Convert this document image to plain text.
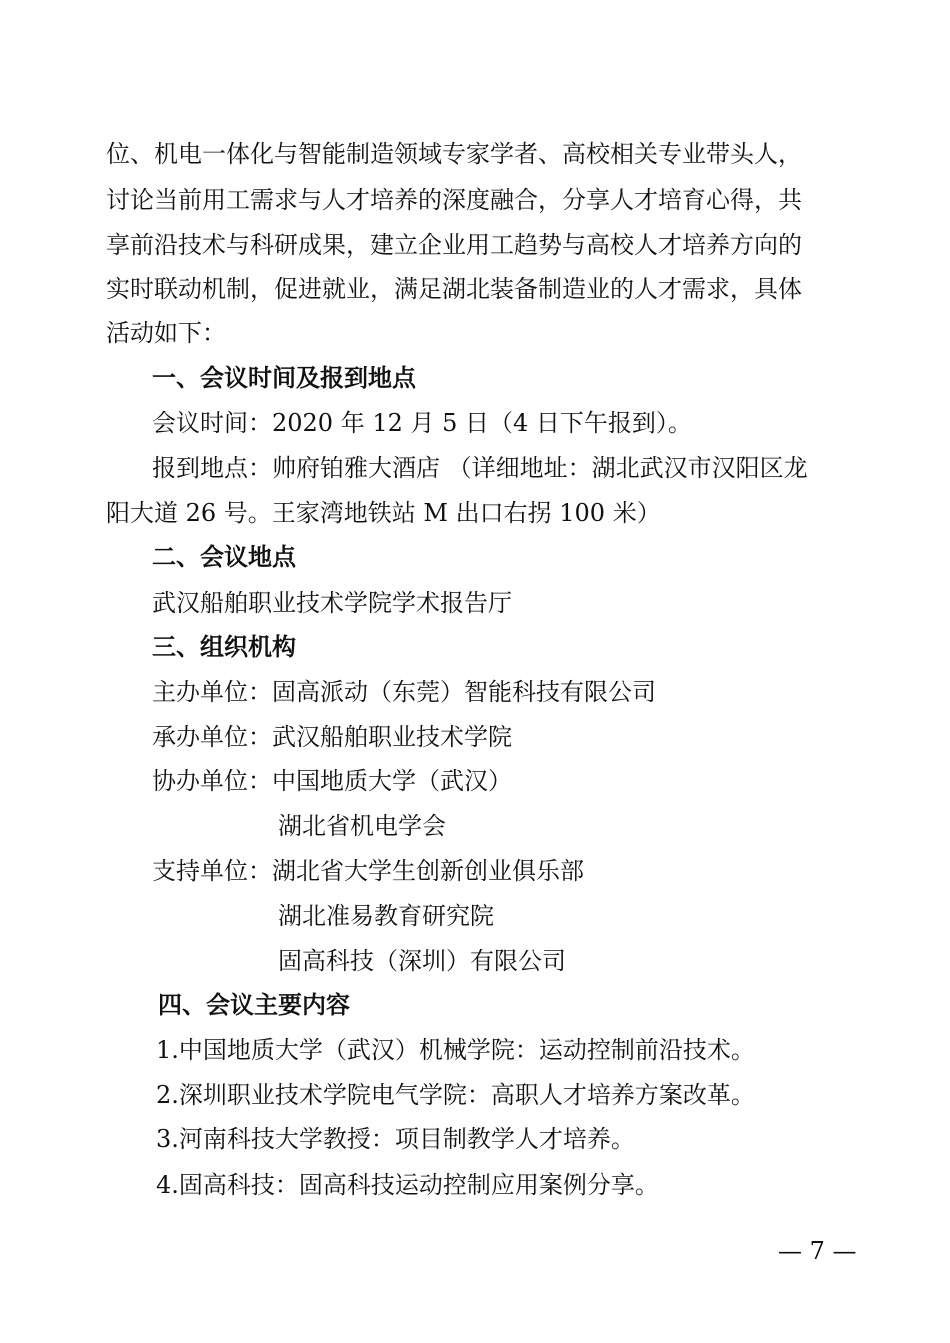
位、机电一体化与智能制造领域专家学者、高校相关专业带头人，
讨论当前用工需求与人才培养的深度融合，分享人才培育心得，共
享前沿技术与科研成果，建立企业用工趋势与高校人才培养方向的
实时联动机制，促进就业，满足湖北装备制造业的人才需求，具体
活动如下：
一、会议时间及报到地点
会议时间：2020 年 12 月 5 日（4 日下午报到）。
报到地点：帅府铂雅大酒店 （详细地址：湖北武汉市汉阳区龙
阳大道 26 号。王家湾地铁站 M 出口右拐 100 米）
二、会议地点
武汉船舶职业技术学院学术报告厅
三、组织机构
主办单位：固高派动（东莞）智能科技有限公司
承办单位：武汉船舶职业技术学院
协办单位：中国地质大学（武汉）
湖北省机电学会
支持单位：湖北省大学生创新创业俱乐部
湖北准易教育研究院
固高科技（深圳）有限公司
四、会议主要内容
1.中国地质大学（武汉）机械学院：运动控制前沿技术。
2.深圳职业技术学院电气学院：高职人才培养方案改革。
3.河南科技大学教授：项目制教学人才培养。
4.固高科技：固高科技运动控制应用案例分享。
— 7 —
